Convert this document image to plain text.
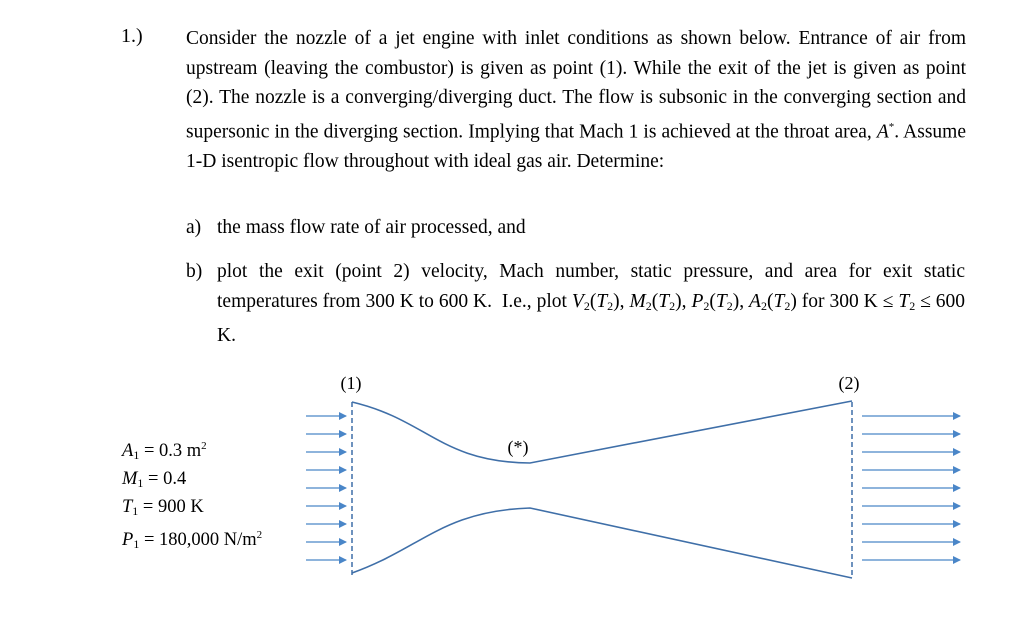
1.) Consider the nozzle of a jet engine with inlet conditions as shown below. Entrance of air from upstream (leaving the combustor) is given as point (1). While the exit of the jet is given as point (2). The nozzle is a converging/diverging duct. The flow is subsonic in the converging section and supersonic in the diverging section. Implying that Mach 1 is achieved at the throat area, A*. Assume 1-D isentropic flow throughout with ideal gas air. Determine:

a) the mass flow rate of air processed, and
b) plot the exit (point 2) velocity, Mach number, static pressure, and area for exit static temperatures from 300 K to 600 K.  I.e., plot $V_2(T_2)$, $M_2(T_2)$, $P_2(T_2)$, $A_2(T_2)$ for 300 $K \le T_2 \le 600$ K.
$A_1 = 0.3$ $m^2$
$M_1 = 0.4$
$T_1 = 900$ K
$P_1 = 180,000$ $N/m^2$
(1)
(*)
(2)
